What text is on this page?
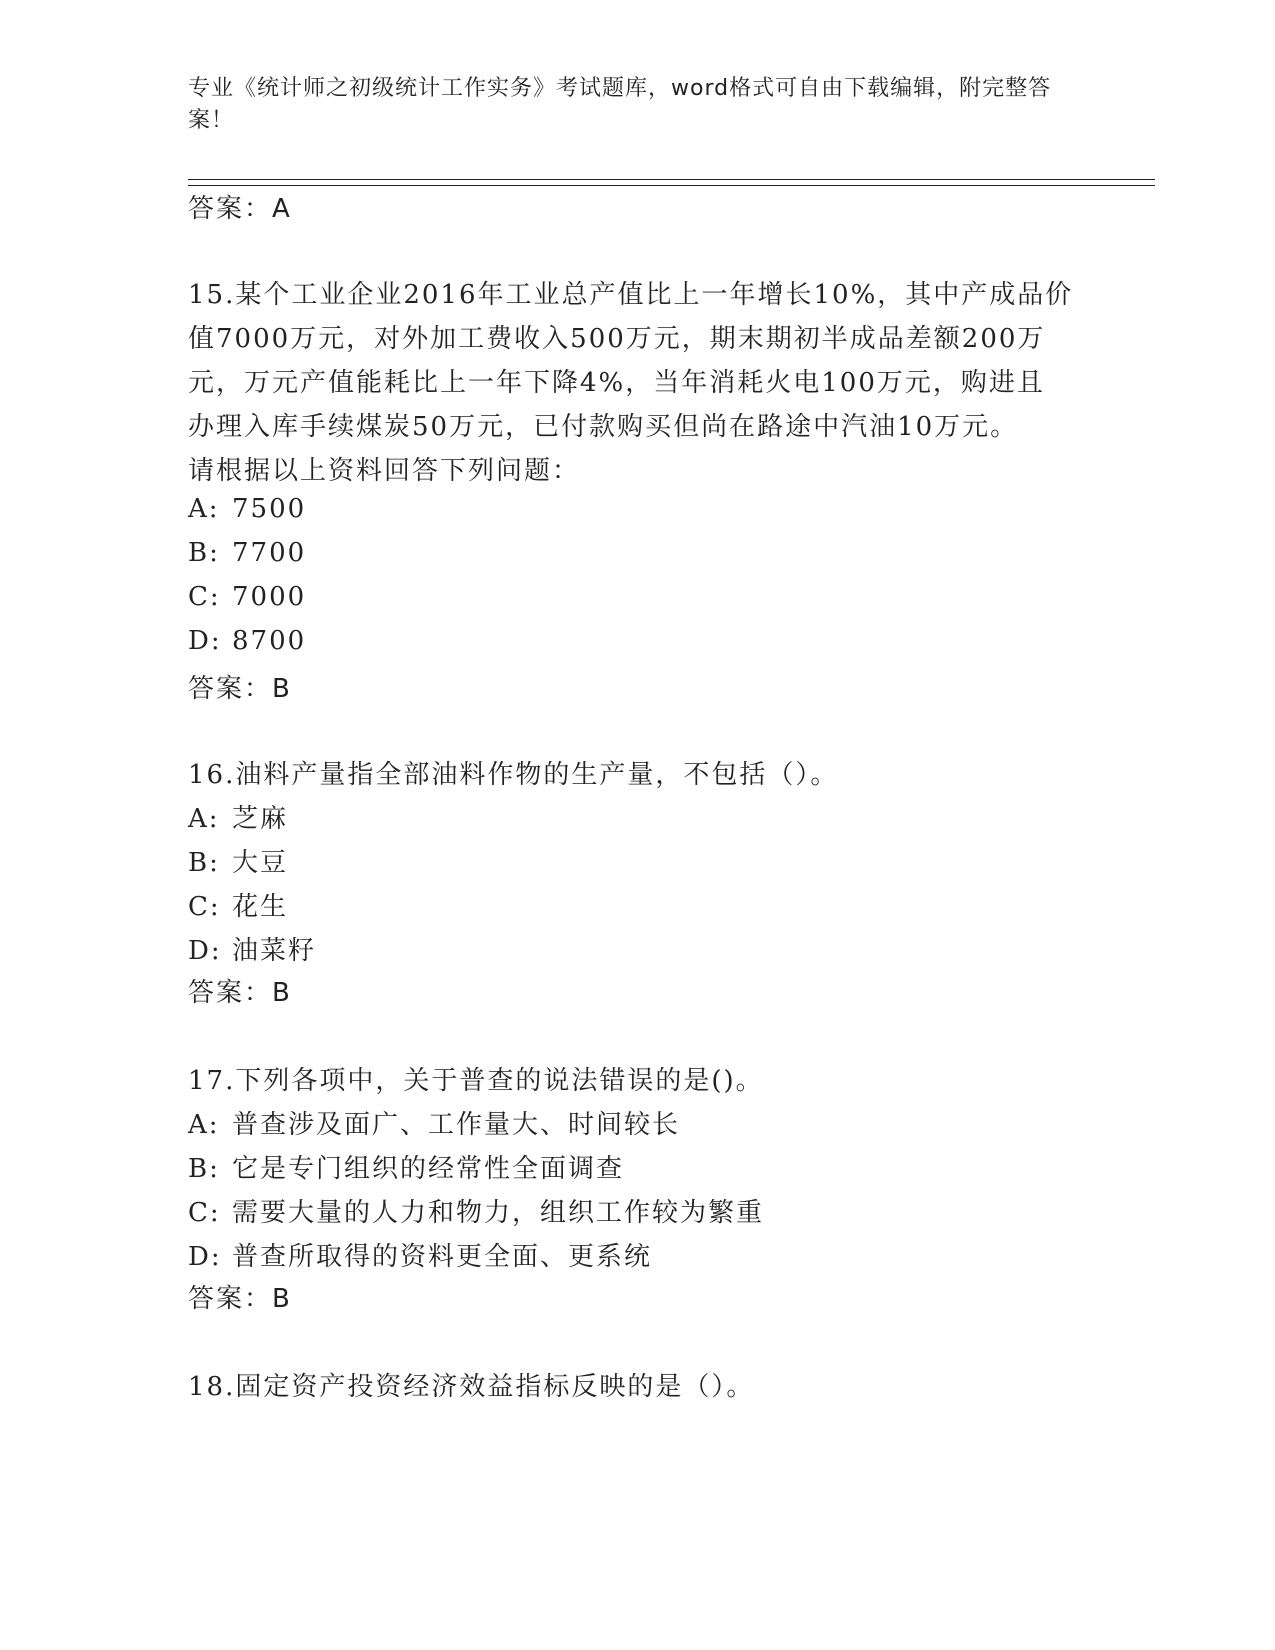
专业《统计师之初级统计工作实务》考试题库，word格式可自由下载编辑，附完整答案！
答案：A
15.某个工业企业2016年工业总产值比上一年增长10%，其中产成品价
值7000万元，对外加工费收入500万元，期末期初半成品差额200万
元，万元产值能耗比上一年下降4%，当年消耗火电100万元，购进且
办理入库手续煤炭50万元，已付款购买但尚在路途中汽油10万元。
请根据以上资料回答下列问题：
A: 7500
B: 7700
C: 7000
D: 8700
答案：B
16.油料产量指全部油料作物的生产量，不包括（）。
A: 芝麻
B: 大豆
C: 花生
D: 油菜籽
答案：B
17.下列各项中，关于普查的说法错误的是()。
A: 普查涉及面广、工作量大、时间较长
B: 它是专门组织的经常性全面调查
C: 需要大量的人力和物力，组织工作较为繁重
D: 普查所取得的资料更全面、更系统
答案：B
18.固定资产投资经济效益指标反映的是（）。
